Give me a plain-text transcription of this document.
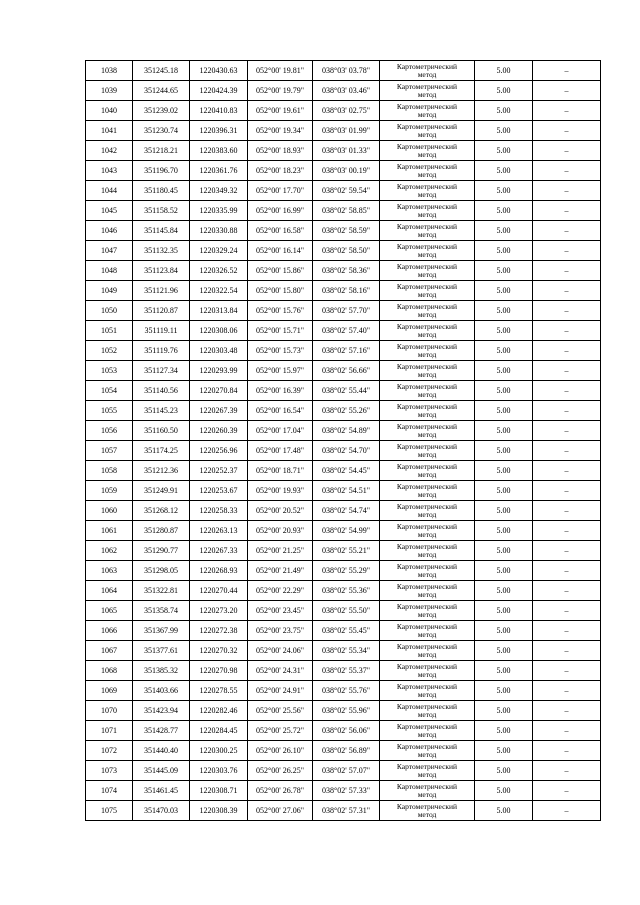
1038	351245.18	1220430.63	052°00' 19.81"	038°03' 03.78"	Картометрический
метод	5.00	–
1039	351244.65	1220424.39	052°00' 19.79"	038°03' 03.46"	Картометрический
метод	5.00	–
1040	351239.02	1220410.83	052°00' 19.61"	038°03' 02.75"	Картометрический
метод	5.00	–
1041	351230.74	1220396.31	052°00' 19.34"	038°03' 01.99"	Картометрический
метод	5.00	–
1042	351218.21	1220383.60	052°00' 18.93"	038°03' 01.33"	Картометрический
метод	5.00	–
1043	351196.70	1220361.76	052°00' 18.23"	038°03' 00.19"	Картометрический
метод	5.00	–
1044	351180.45	1220349.32	052°00' 17.70"	038°02' 59.54"	Картометрический
метод	5.00	–
1045	351158.52	1220335.99	052°00' 16.99"	038°02' 58.85"	Картометрический
метод	5.00	–
1046	351145.84	1220330.88	052°00' 16.58"	038°02' 58.59"	Картометрический
метод	5.00	–
1047	351132.35	1220329.24	052°00' 16.14"	038°02' 58.50"	Картометрический
метод	5.00	–
1048	351123.84	1220326.52	052°00' 15.86"	038°02' 58.36"	Картометрический
метод	5.00	–
1049	351121.96	1220322.54	052°00' 15.80"	038°02' 58.16"	Картометрический
метод	5.00	–
1050	351120.87	1220313.84	052°00' 15.76"	038°02' 57.70"	Картометрический
метод	5.00	–
1051	351119.11	1220308.06	052°00' 15.71"	038°02' 57.40"	Картометрический
метод	5.00	–
1052	351119.76	1220303.48	052°00' 15.73"	038°02' 57.16"	Картометрический
метод	5.00	–
1053	351127.34	1220293.99	052°00' 15.97"	038°02' 56.66"	Картометрический
метод	5.00	–
1054	351140.56	1220270.84	052°00' 16.39"	038°02' 55.44"	Картометрический
метод	5.00	–
1055	351145.23	1220267.39	052°00' 16.54"	038°02' 55.26"	Картометрический
метод	5.00	–
1056	351160.50	1220260.39	052°00' 17.04"	038°02' 54.89"	Картометрический
метод	5.00	–
1057	351174.25	1220256.96	052°00' 17.48"	038°02' 54.70"	Картометрический
метод	5.00	–
1058	351212.36	1220252.37	052°00' 18.71"	038°02' 54.45"	Картометрический
метод	5.00	–
1059	351249.91	1220253.67	052°00' 19.93"	038°02' 54.51"	Картометрический
метод	5.00	–
1060	351268.12	1220258.33	052°00' 20.52"	038°02' 54.74"	Картометрический
метод	5.00	–
1061	351280.87	1220263.13	052°00' 20.93"	038°02' 54.99"	Картометрический
метод	5.00	–
1062	351290.77	1220267.33	052°00' 21.25"	038°02' 55.21"	Картометрический
метод	5.00	–
1063	351298.05	1220268.93	052°00' 21.49"	038°02' 55.29"	Картометрический
метод	5.00	–
1064	351322.81	1220270.44	052°00' 22.29"	038°02' 55.36"	Картометрический
метод	5.00	–
1065	351358.74	1220273.20	052°00' 23.45"	038°02' 55.50"	Картометрический
метод	5.00	–
1066	351367.99	1220272.38	052°00' 23.75"	038°02' 55.45"	Картометрический
метод	5.00	–
1067	351377.61	1220270.32	052°00' 24.06"	038°02' 55.34"	Картометрический
метод	5.00	–
1068	351385.32	1220270.98	052°00' 24.31"	038°02' 55.37"	Картометрический
метод	5.00	–
1069	351403.66	1220278.55	052°00' 24.91"	038°02' 55.76"	Картометрический
метод	5.00	–
1070	351423.94	1220282.46	052°00' 25.56"	038°02' 55.96"	Картометрический
метод	5.00	–
1071	351428.77	1220284.45	052°00' 25.72"	038°02' 56.06"	Картометрический
метод	5.00	–
1072	351440.40	1220300.25	052°00' 26.10"	038°02' 56.89"	Картометрический
метод	5.00	–
1073	351445.09	1220303.76	052°00' 26.25"	038°02' 57.07"	Картометрический
метод	5.00	–
1074	351461.45	1220308.71	052°00' 26.78"	038°02' 57.33"	Картометрический
метод	5.00	–
1075	351470.03	1220308.39	052°00' 27.06"	038°02' 57.31"	Картометрический
метод	5.00	–
